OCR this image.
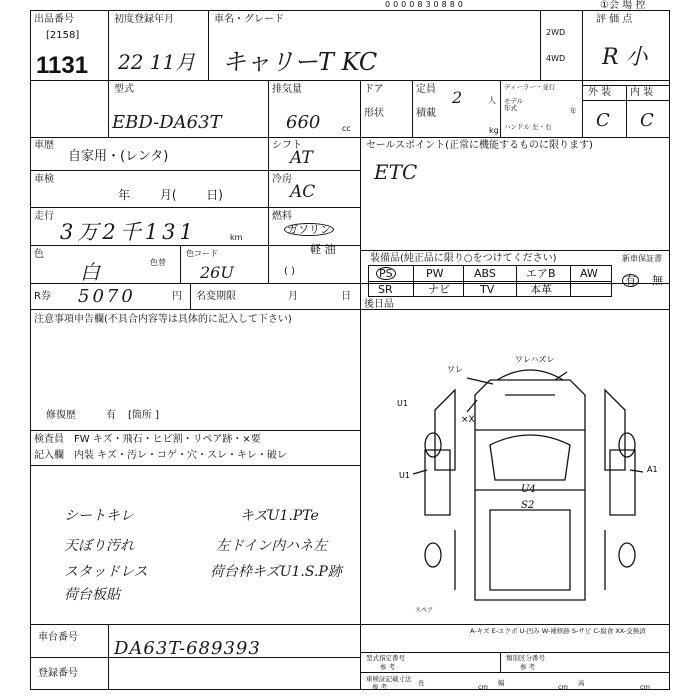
0000830880	①会 場 控
出品番号
[2158]
1131
初度登録年月
22 11月
車名・グレード
キャリーT KC
2WD
4WD
評 価 点
R 小
型式
EBD-DA63T
排気量
660	cc
ドア
形状
定員 2	人
積載
kg
ディーラー・並行
モデル年式	年
ハンドル 左・右
外 装 内 装
C C
車歴
自家用・(レンタ)
シフト
AT
車検
年 月( 日)
冷房
AC
走行
3万2千131	km
燃料
ガソリン
軽 油
( )
色
白	色替
色コード
26U
R券 5070	円 名変期限	月 日
セールスポイント(正常に機能するものに限ります)
ETC
装備品(純正品に限り○をつけてください)	新車保証書
PS	PW	ABS	エアB AW
SR	ナビ	TV	本革
有 無
注意事項申告欄(不具合内容等は具体的に記入して下さい)
修復歴	有 [箇所 ]
後日品
検査員 FW キズ・飛石・ヒビ割・リペア跡・×要
記入欄 内装 キズ・汚レ・コゲ・穴・スレ・キレ・破レ
シートキレ	キズU1.PTe
天ぼり汚れ	左ドイン内ハネ左
スタッドレス	荷台枠キズU1.S.P跡
荷台板貼
ワレ
ワレハズレ
U1
×X
U1
A1
U4
S2
スペア
車台番号
DA63T-689393
登録番号
A-キズ E-エクボ U-凹み W-補修跡 S-サビ C-腐食 XX-交換済
型式指定番号
参 考
類別区分番号
参 考
車検証記載寸法
参 考	長	cm 幅	cm 高	cm
